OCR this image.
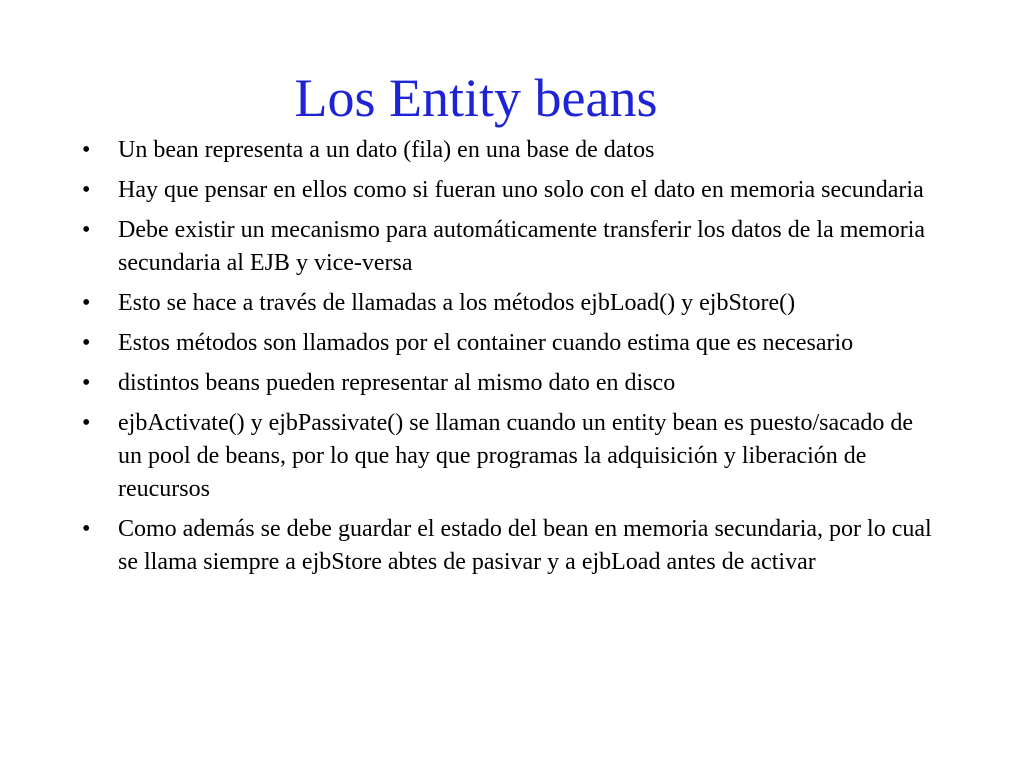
Los Entity beans
•	Un bean representa a un dato (fila) en una base de datos
•	Hay que pensar en ellos como si fueran uno solo con el dato en memoria secundaria
•	Debe existir un mecanismo para automáticamente transferir los datos de la memoria secundaria al EJB y vice-versa
•	Esto se hace a través de llamadas a los métodos ejbLoad() y ejbStore()
•	Estos métodos son llamados por el container cuando estima que es necesario
•	distintos beans pueden representar al mismo dato en disco
•	ejbActivate() y ejbPassivate() se llaman cuando un entity bean es puesto/sacado de un pool de beans, por lo que hay que programas la adquisición y liberación de reucursos
•	Como además se debe guardar el estado del bean en memoria secundaria, por lo cual se llama siempre a ejbStore abtes de pasivar y a ejbLoad antes de activar
